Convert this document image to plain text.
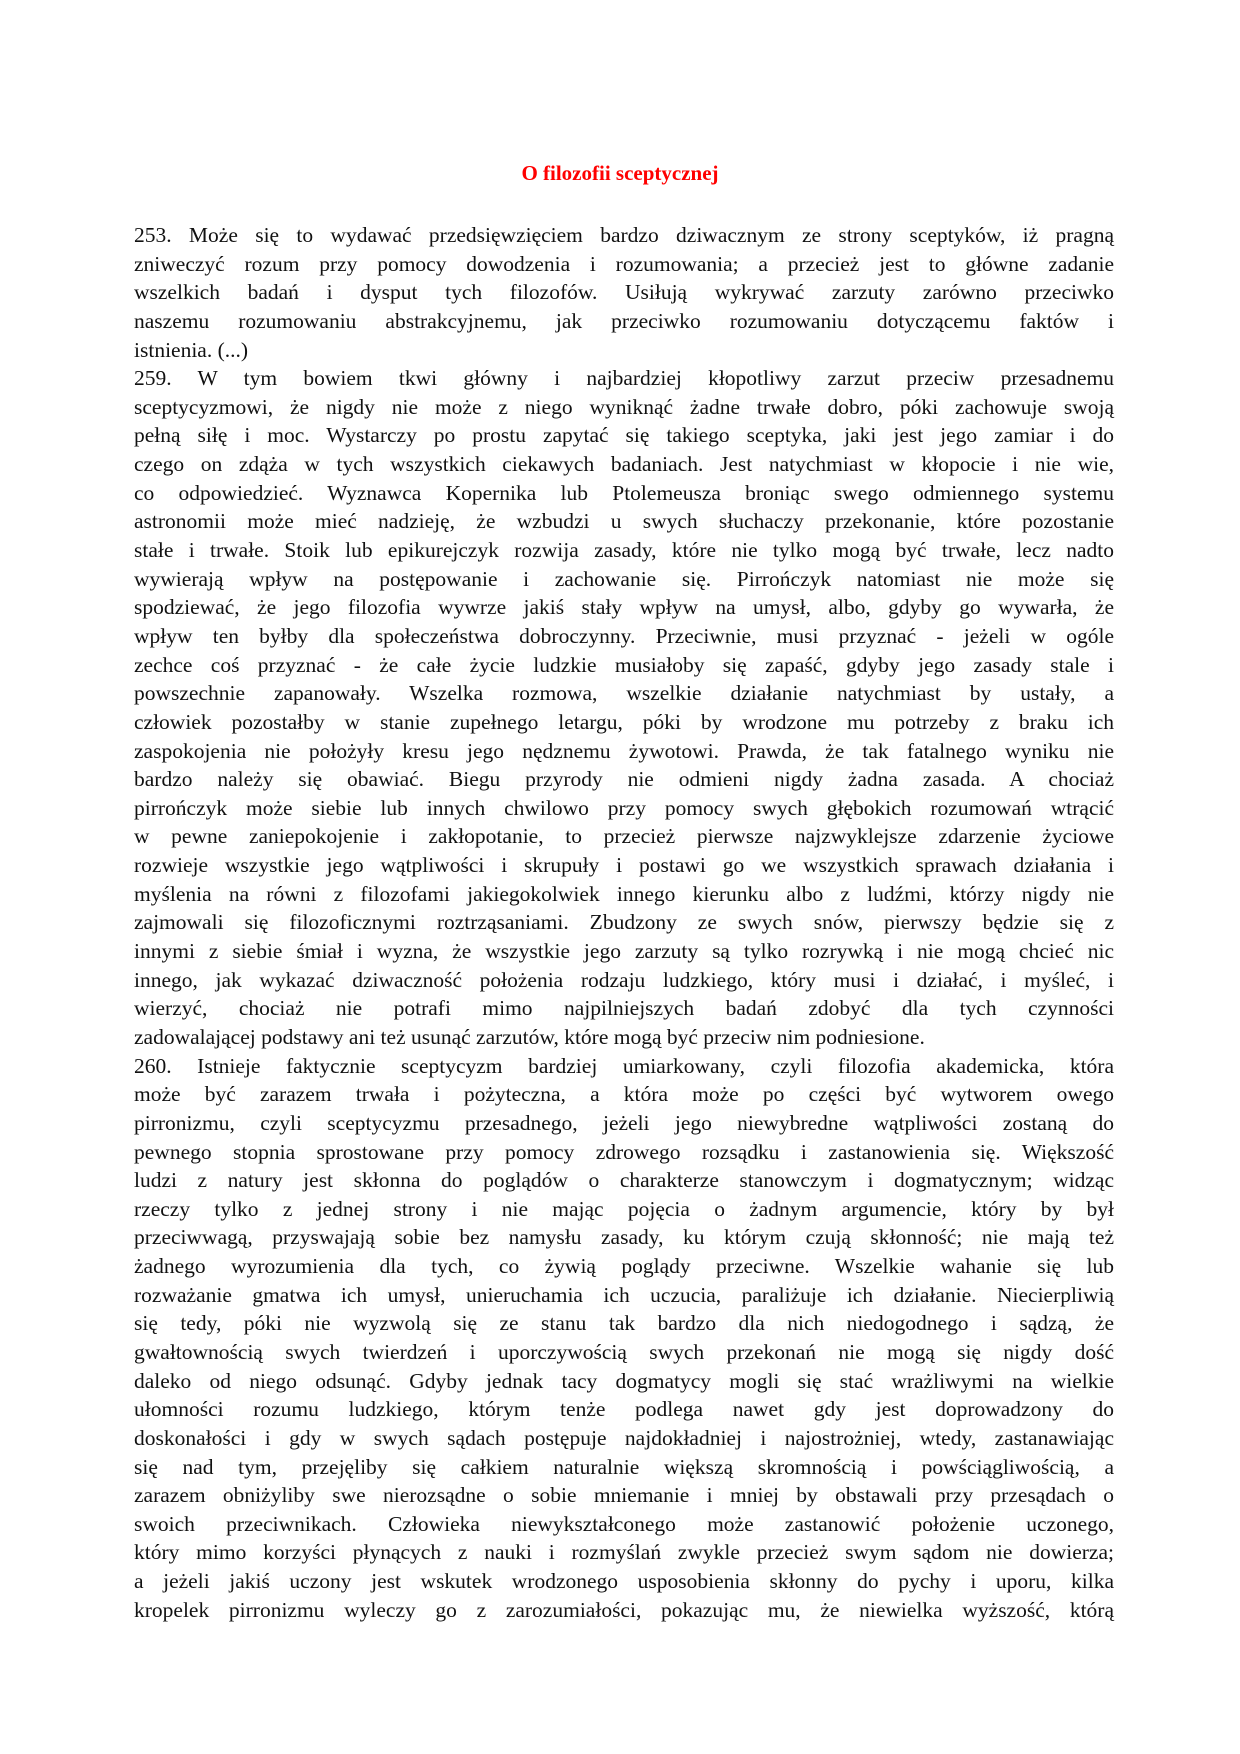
O filozofii sceptycznej
253. Może się to wydawać przedsięwzięciem bardzo dziwacznym ze strony sceptyków, iż pragną
zniweczyć rozum przy pomocy dowodzenia i rozumowania; a przecież jest to główne zadanie
wszelkich badań i dysput tych filozofów. Usiłują wykrywać zarzuty zarówno przeciwko
naszemu rozumowaniu abstrakcyjnemu, jak przeciwko rozumowaniu dotyczącemu faktów i
istnienia. (...)
259. W tym bowiem tkwi główny i najbardziej kłopotliwy zarzut przeciw przesadnemu
sceptycyzmowi, że nigdy nie może z niego wyniknąć żadne trwałe dobro, póki zachowuje swoją
pełną siłę i moc. Wystarczy po prostu zapytać się takiego sceptyka, jaki jest jego zamiar i do
czego on zdąża w tych wszystkich ciekawych badaniach. Jest natychmiast w kłopocie i nie wie,
co odpowiedzieć. Wyznawca Kopernika lub Ptolemeusza broniąc swego odmiennego systemu
astronomii może mieć nadzieję, że wzbudzi u swych słuchaczy przekonanie, które pozostanie
stałe i trwałe. Stoik lub epikurejczyk rozwija zasady, które nie tylko mogą być trwałe, lecz nadto
wywierają wpływ na postępowanie i zachowanie się. Pirrończyk natomiast nie może się
spodziewać, że jego filozofia wywrze jakiś stały wpływ na umysł, albo, gdyby go wywarła, że
wpływ ten byłby dla społeczeństwa dobroczynny. Przeciwnie, musi przyznać - jeżeli w ogóle
zechce coś przyznać - że całe życie ludzkie musiałoby się zapaść, gdyby jego zasady stale i
powszechnie zapanowały. Wszelka rozmowa, wszelkie działanie natychmiast by ustały, a
człowiek pozostałby w stanie zupełnego letargu, póki by wrodzone mu potrzeby z braku ich
zaspokojenia nie położyły kresu jego nędznemu żywotowi. Prawda, że tak fatalnego wyniku nie
bardzo należy się obawiać. Biegu przyrody nie odmieni nigdy żadna zasada. A chociaż
pirrończyk może siebie lub innych chwilowo przy pomocy swych głębokich rozumowań wtrącić
w pewne zaniepokojenie i zakłopotanie, to przecież pierwsze najzwyklejsze zdarzenie życiowe
rozwieje wszystkie jego wątpliwości i skrupuły i postawi go we wszystkich sprawach działania i
myślenia na równi z filozofami jakiegokolwiek innego kierunku albo z ludźmi, którzy nigdy nie
zajmowali się filozoficznymi roztrząsaniami. Zbudzony ze swych snów, pierwszy będzie się z
innymi z siebie śmiał i wyzna, że wszystkie jego zarzuty są tylko rozrywką i nie mogą chcieć nic
innego, jak wykazać dziwaczność położenia rodzaju ludzkiego, który musi i działać, i myśleć, i
wierzyć, chociaż nie potrafi mimo najpilniejszych badań zdobyć dla tych czynności
zadowalającej podstawy ani też usunąć zarzutów, które mogą być przeciw nim podniesione.
260. Istnieje faktycznie sceptycyzm bardziej umiarkowany, czyli filozofia akademicka, która
może być zarazem trwała i pożyteczna, a która może po części być wytworem owego
pirronizmu, czyli sceptycyzmu przesadnego, jeżeli jego niewybredne wątpliwości zostaną do
pewnego stopnia sprostowane przy pomocy zdrowego rozsądku i zastanowienia się. Większość
ludzi z natury jest skłonna do poglądów o charakterze stanowczym i dogmatycznym; widząc
rzeczy tylko z jednej strony i nie mając pojęcia o żadnym argumencie, który by był
przeciwwagą, przyswajają sobie bez namysłu zasady, ku którym czują skłonność; nie mają też
żadnego wyrozumienia dla tych, co żywią poglądy przeciwne. Wszelkie wahanie się lub
rozważanie gmatwa ich umysł, unieruchamia ich uczucia, paraliżuje ich działanie. Niecierpliwią
się tedy, póki nie wyzwolą się ze stanu tak bardzo dla nich niedogodnego i sądzą, że
gwałtownością swych twierdzeń i uporczywością swych przekonań nie mogą się nigdy dość
daleko od niego odsunąć. Gdyby jednak tacy dogmatycy mogli się stać wrażliwymi na wielkie
ułomności rozumu ludzkiego, którym tenże podlega nawet gdy jest doprowadzony do
doskonałości i gdy w swych sądach postępuje najdokładniej i najostrożniej, wtedy, zastanawiając
się nad tym, przejęliby się całkiem naturalnie większą skromnością i powściągliwością, a
zarazem obniżyliby swe nierozsądne o sobie mniemanie i mniej by obstawali przy przesądach o
swoich przeciwnikach. Człowieka niewykształconego może zastanowić położenie uczonego,
który mimo korzyści płynących z nauki i rozmyślań zwykle przecież swym sądom nie dowierza;
a jeżeli jakiś uczony jest wskutek wrodzonego usposobienia skłonny do pychy i uporu, kilka
kropelek pirronizmu wyleczy go z zarozumiałości, pokazując mu, że niewielka wyższość, którą
